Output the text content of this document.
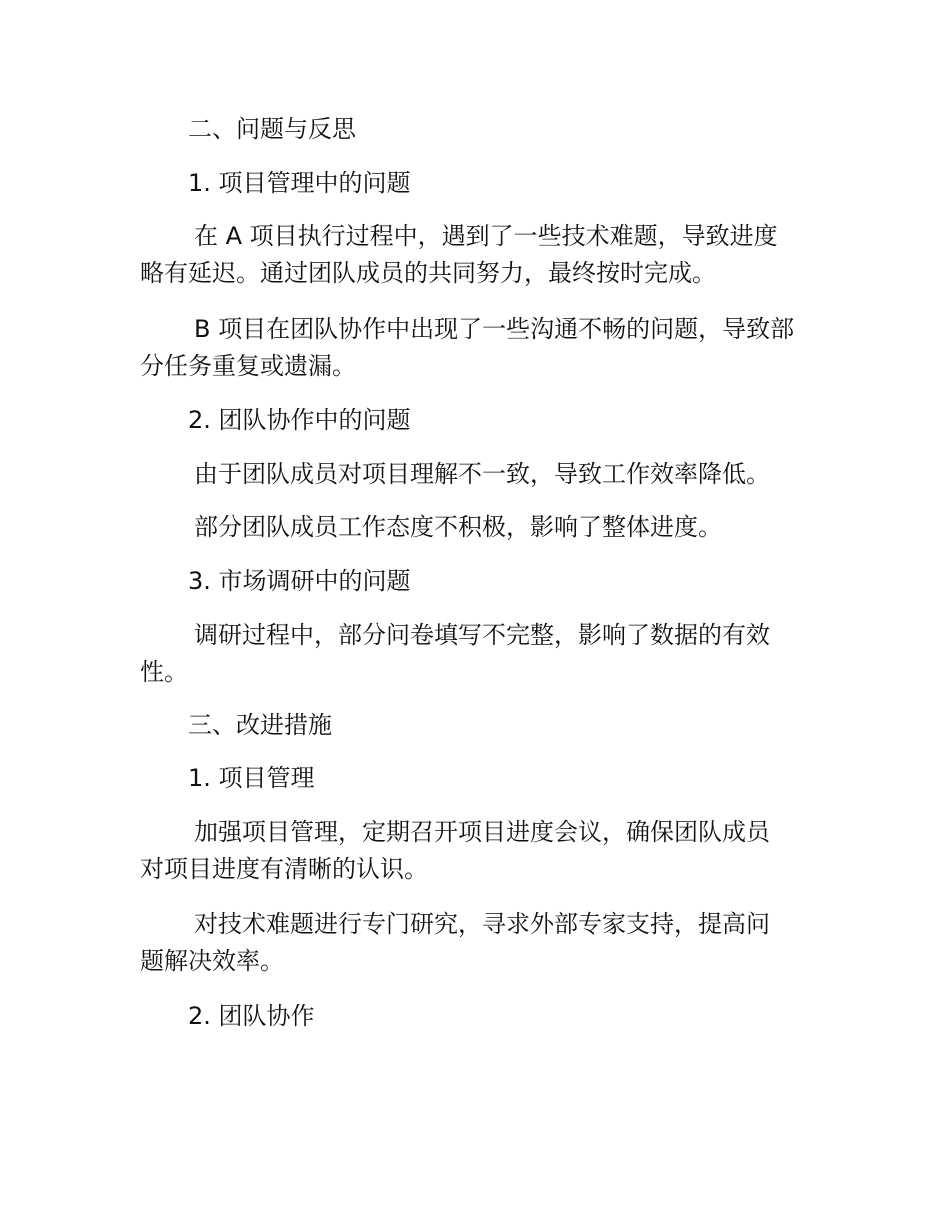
二、问题与反思
1. 项目管理中的问题
在 A 项目执行过程中，遇到了一些技术难题，导致进度
略有延迟。通过团队成员的共同努力，最终按时完成。
B 项目在团队协作中出现了一些沟通不畅的问题，导致部
分任务重复或遗漏。
2. 团队协作中的问题
由于团队成员对项目理解不一致，导致工作效率降低。
部分团队成员工作态度不积极，影响了整体进度。
3. 市场调研中的问题
调研过程中，部分问卷填写不完整，影响了数据的有效
性。
三、改进措施
1. 项目管理
加强项目管理，定期召开项目进度会议，确保团队成员
对项目进度有清晰的认识。
对技术难题进行专门研究，寻求外部专家支持，提高问
题解决效率。
2. 团队协作
